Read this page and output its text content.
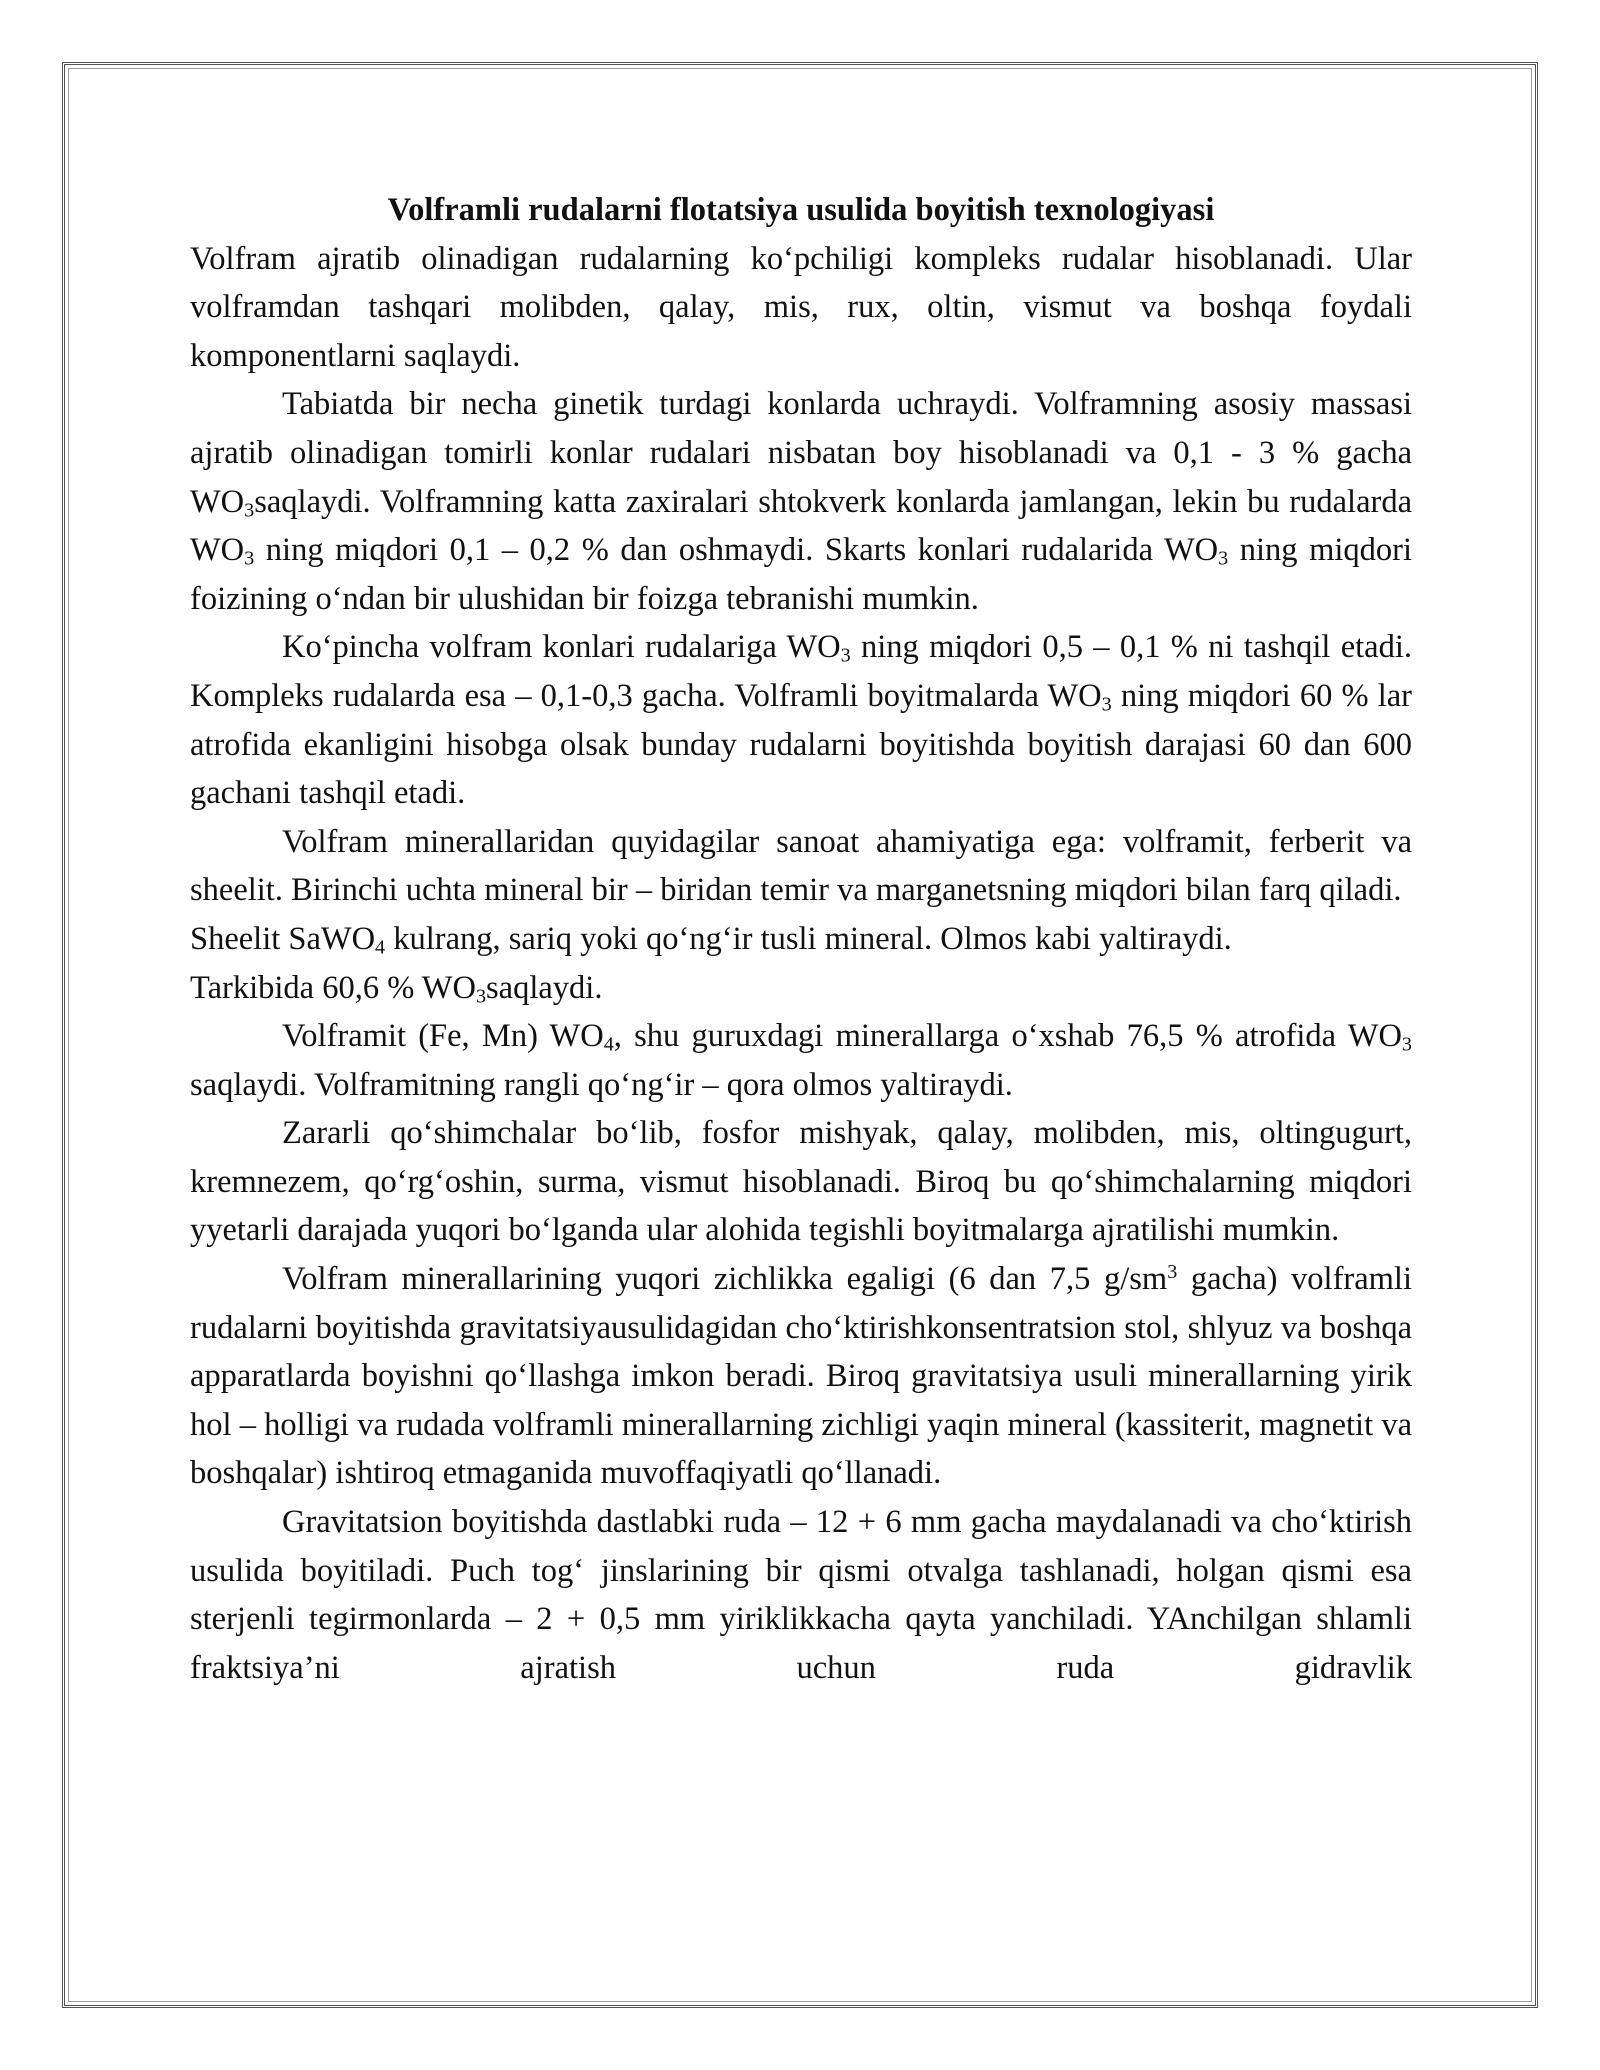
Volframli rudalarni flotatsiya usulida boyitish texnologiyasi

Volfram ajratib olinadigan rudalarning ko‘pchiligi kompleks rudalar hisoblanadi. Ular volframdan tashqari molibden, qalay, mis, rux, oltin, vismut va boshqa foydali komponentlarni saqlaydi.

Tabiatda bir necha ginetik turdagi konlarda uchraydi. Volframning asosiy massasi ajratib olinadigan tomirli konlar rudalari nisbatan boy hisoblanadi va 0,1 - 3 % gacha $WO_3saqlaydi$. Volframning katta zaxiralari shtokverk konlarda jamlangan, lekin bu rudalarda $WO_3$ ning miqdori 0,1 – 0,2 % dan oshmaydi. Skarts konlari rudalarida $WO_3$ ning miqdori foizining o‘ndan bir ulushidan bir foizga tebranishi mumkin.

Ko‘pincha volfram konlari rudalariga $WO_3$ ning miqdori 0,5 – 0,1 % ni tashqil etadi. Kompleks rudalarda esa – 0,1-0,3 gacha. Volframli boyitmalarda $WO_3$ ning miqdori 60 % lar atrofida ekanligini hisobga olsak bunday rudalarni boyitishda boyitish darajasi 60 dan 600 gachani tashqil etadi.

Volfram minerallaridan quyidagilar sanoat ahamiyatiga ega: volframit, ferberit va sheelit. Birinchi uchta mineral bir – biridan temir va marganetsning miqdori bilan farq qiladi.

Sheelit SaWO$_4$ kulrang, sariq yoki qo‘ng‘ir tusli mineral. Olmos kabi yaltiraydi.

Tarkibida 60,6 % $WO_3saqlaydi$.

Volframit (Fe, Mn) $WO_4$, shu guruxdagi minerallarga o‘xshab 76,5 % atrofida $WO_3$ saqlaydi. Volframitning rangli qo‘ng‘ir – qora olmos yaltiraydi.

Zararli qo‘shimchalar bo‘lib, fosfor mishyak, qalay, molibden, mis, oltingugurt, kremnezem, qo‘rg‘oshin, surma, vismut hisoblanadi. Biroq bu qo‘shimchalarning miqdori yyetarli darajada yuqori bo‘lganda ular alohida tegishli boyitmalarga ajratilishi mumkin.

Volfram minerallarining yuqori zichlikka egaligi (6 dan 7,5 $g/sm^3$ gacha) volframli rudalarni boyitishda gravitatsiyausulidagidan cho‘ktirishkonsentratsion stol, shlyuz va boshqa apparatlarda boyishni qo‘llashga imkon beradi. Biroq gravitatsiya usuli minerallarning yirik hol – holligi va rudada volframli minerallarning zichligi yaqin mineral (kassiterit, magnetit va boshqalar) ishtiroq etmaganida muvoffaqiyatli qo‘llanadi.

Gravitatsion boyitishda dastlabki ruda – 12 + 6 mm gacha maydalanadi va cho‘ktirish usulida boyitiladi. Puch tog‘ jinslarining bir qismi otvalga tashlanadi, holgan qismi esa sterjenli tegirmonlarda – 2 + 0,5 mm yiriklikkacha qayta yanchiladi. YAnchilgan shlamli fraktsiya’ni ajratish uchun ruda gidravlik
